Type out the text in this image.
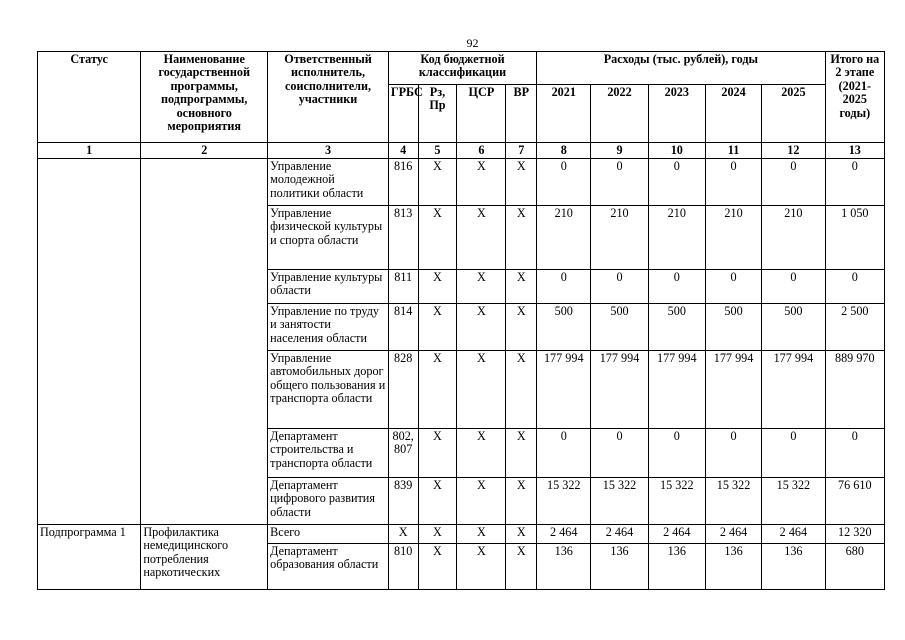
92
Статус	Наименование государственной программы, подпрограммы, основного мероприятия	Ответственный исполнитель, соисполнители, участники	Код бюджетной классификации				Расходы (тыс. рублей), годы					Итого на 2 этапе (2021-2025 годы)
			ГРБС	Рз, Пр	ЦСР	ВР	2021	2022	2023	2024	2025	
1	2	3	4	5	6	7	8	9	10	11	12	13
		Управление молодежной политики области	816	X	X	X	0	0	0	0	0	0
		Управление физической культуры и спорта области	813	X	X	X	210	210	210	210	210	1 050
		Управление культуры области	811	X	X	X	0	0	0	0	0	0
		Управление по труду и занятости населения области	814	X	X	X	500	500	500	500	500	2 500
		Управление автомобильных дорог общего пользования и транспорта области	828	X	X	X	177 994	177 994	177 994	177 994	177 994	889 970
		Департамент строительства и транспорта области	802, 807	X	X	X	0	0	0	0	0	0
		Департамент цифрового развития области	839	X	X	X	15 322	15 322	15 322	15 322	15 322	76 610
Подпрограмма 1	Профилактика немедицинского потребления наркотических	Всего	X	X	X	X	2 464	2 464	2 464	2 464	2 464	12 320
		Департамент образования области	810	X	X	X	136	136	136	136	136	680
